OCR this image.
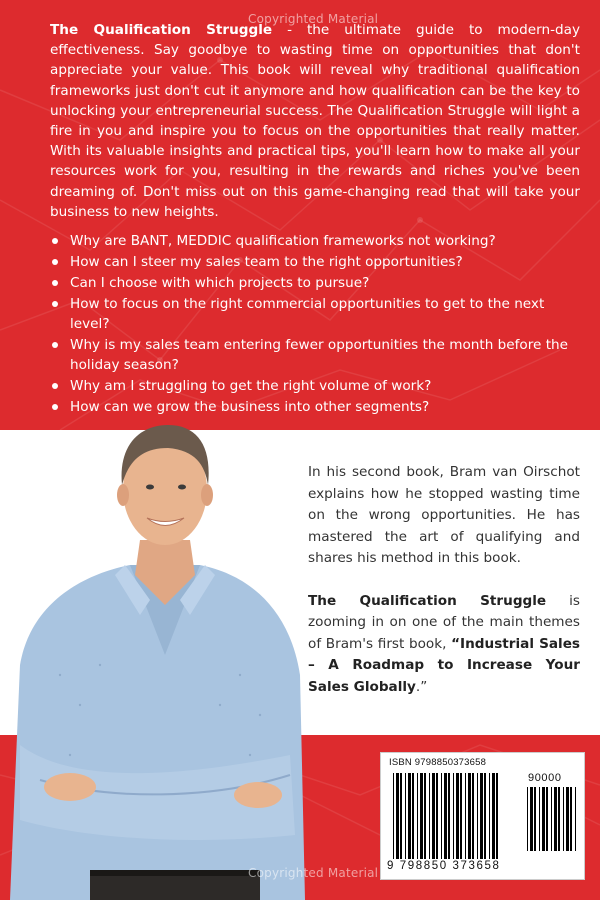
Copyrighted Material

The Qualification Struggle - the ultimate guide to modern-day effectiveness. Say goodbye to wasting time on opportunities that don't appreciate your value. This book will reveal why traditional qualification frameworks just don't cut it anymore and how qualification can be the key to unlocking your entrepreneurial success. The Qualification Struggle will light a fire in you and inspire you to focus on the opportunities that really matter. With its valuable insights and practical tips, you'll learn how to make all your resources work for you, resulting in the rewards and riches you've been dreaming of. Don't miss out on this game-changing read that will take your business to new heights.

Why are BANT, MEDDIC qualification frameworks not working?
How can I steer my sales team to the right opportunities?
Can I choose with which projects to pursue?
How to focus on the right commercial opportunities to get to the next level?
Why is my sales team entering fewer opportunities the month before the holiday season?
Why am I struggling to get the right volume of work?
How can we grow the business into other segments?

In his second book, Bram van Oirschot explains how he stopped wasting time on the wrong opportunities. He has mastered the art of qualifying and shares his method in this book.

The Qualification Struggle is zooming in on one of the main themes of Bram's first book, “Industrial Sales – A Roadmap to Increase Your Sales Globally.”

Copyrighted Material
ISBN 9798850373658
90000
9 798850 373658
